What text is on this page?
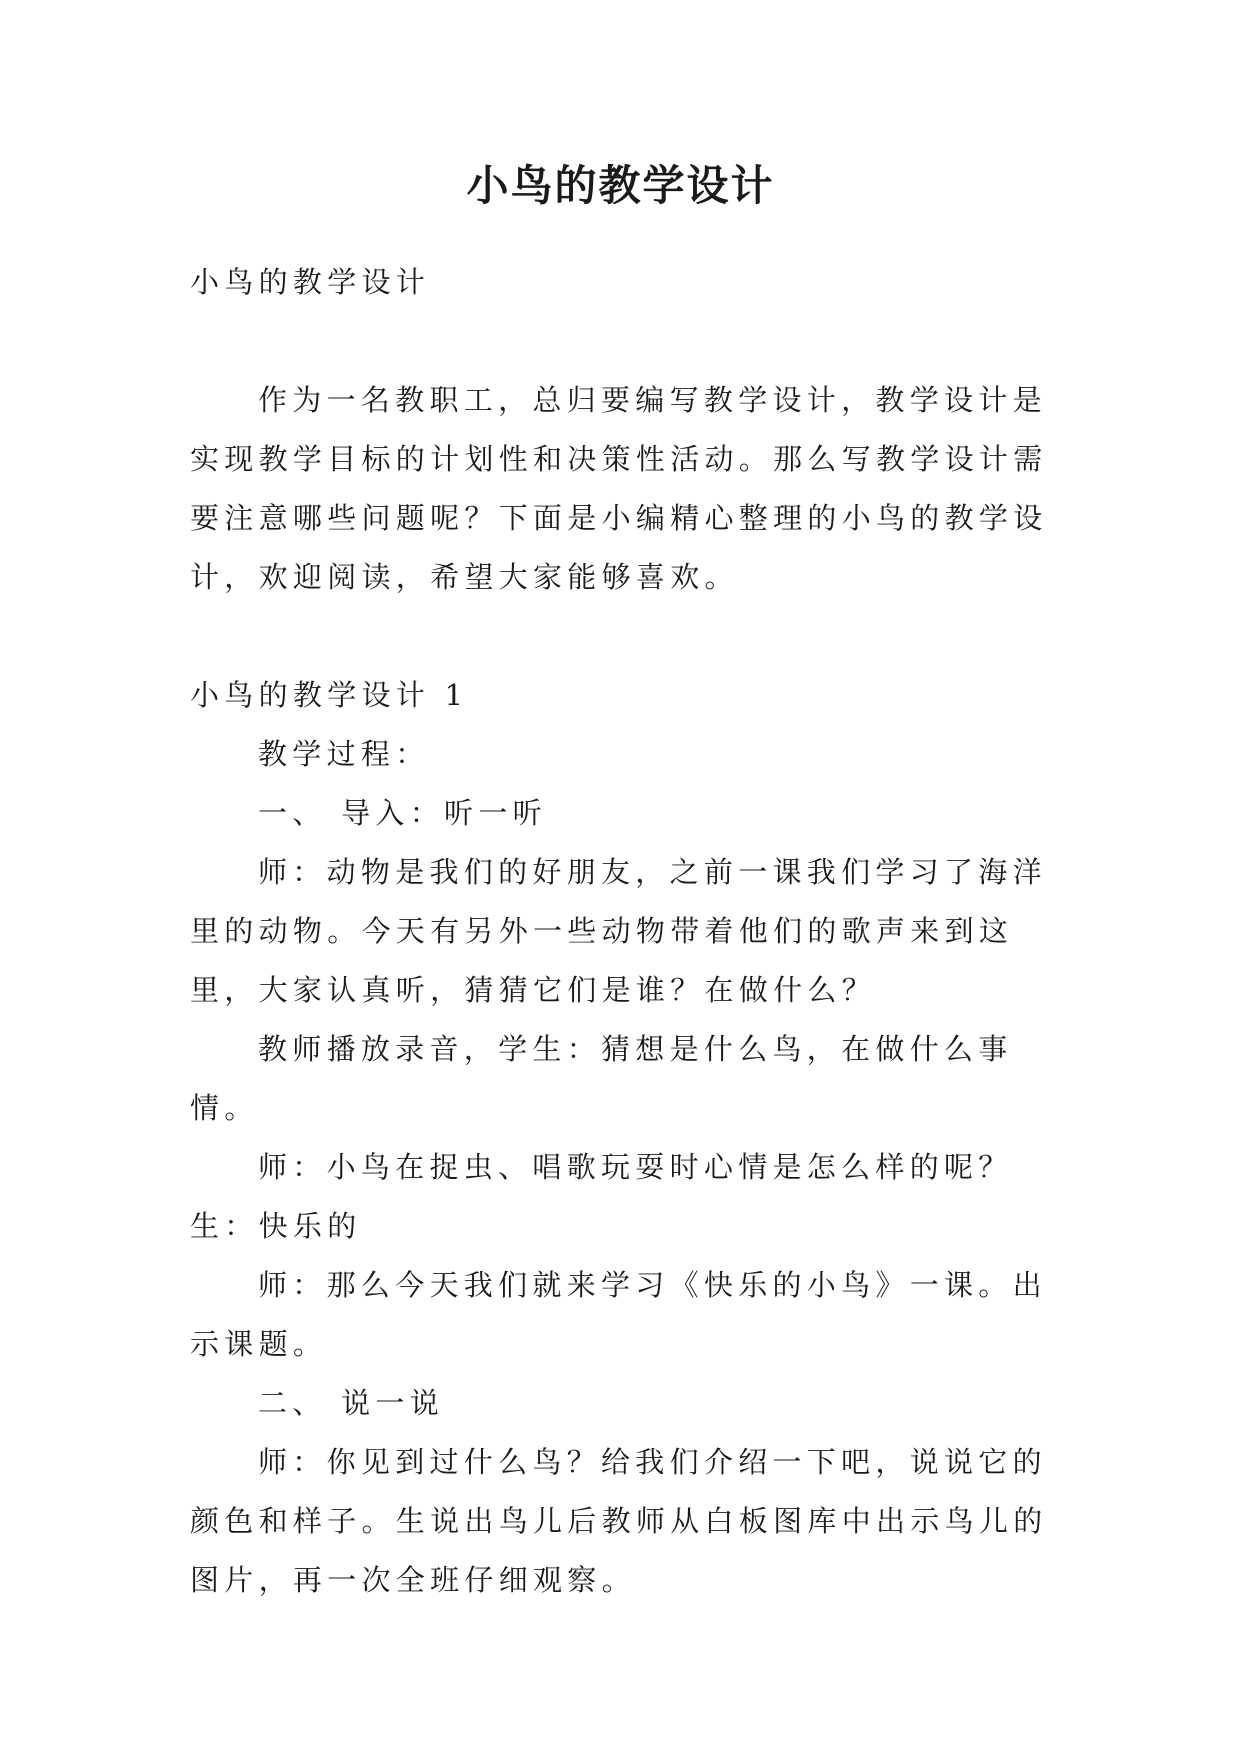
小鸟的教学设计

小鸟的教学设计

作为一名教职工，总归要编写教学设计，教学设计是实现教学目标的计划性和决策性活动。那么写教学设计需要注意哪些问题呢？下面是小编精心整理的小鸟的教学设计，欢迎阅读，希望大家能够喜欢。

小鸟的教学设计 1

教学过程：

一、 导入：听一听

师：动物是我们的好朋友，之前一课我们学习了海洋里的动物。今天有另外一些动物带着他们的歌声来到这里，大家认真听，猜猜它们是谁？在做什么？

教师播放录音，学生：猜想是什么鸟，在做什么事情。

师：小鸟在捉虫、唱歌玩耍时心情是怎么样的呢？生：快乐的

师：那么今天我们就来学习《快乐的小鸟》一课。出示课题。

二、 说一说

师：你见到过什么鸟？给我们介绍一下吧，说说它的颜色和样子。生说出鸟儿后教师从白板图库中出示鸟儿的图片，再一次全班仔细观察。
